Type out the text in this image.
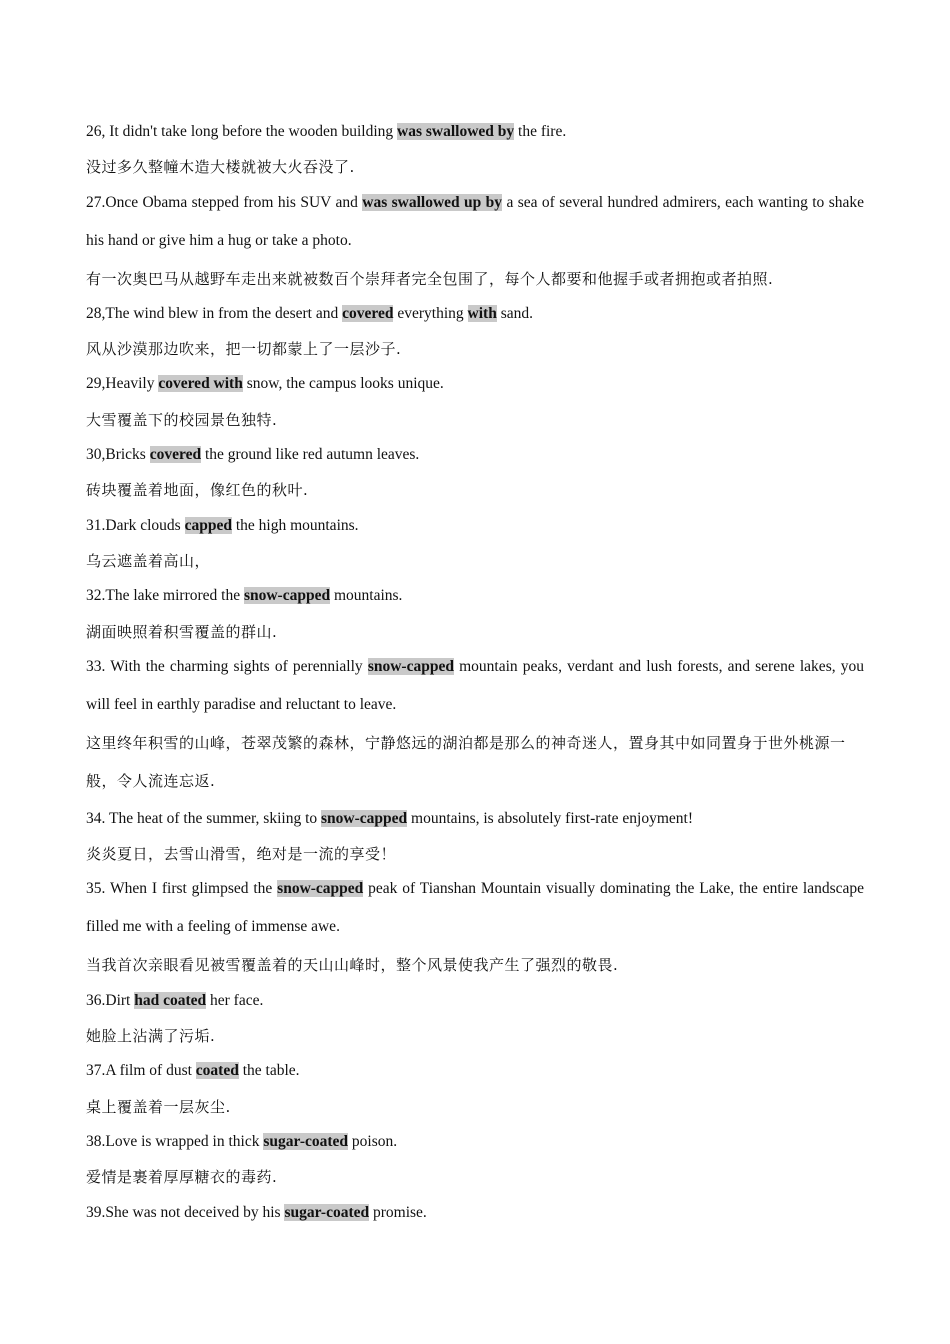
26, It didn't take long before the wooden building was swallowed by the fire.

没过多久整幢木造大楼就被大火吞没了.

27.Once Obama stepped from his SUV and was swallowed up by a sea of several hundred admirers, each wanting to shake his hand or give him a hug or take a photo.

有一次奥巴马从越野车走出来就被数百个崇拜者完全包围了，每个人都要和他握手或者拥抱或者拍照.

28,The wind blew in from the desert and covered everything with sand.

风从沙漠那边吹来，把一切都蒙上了一层沙子.

29,Heavily covered with snow, the campus looks unique.

大雪覆盖下的校园景色独特.

30,Bricks covered the ground like red autumn leaves.

砖块覆盖着地面，像红色的秋叶.

31.Dark clouds capped the high mountains.

乌云遮盖着高山，

32.The lake mirrored the snow-capped mountains.

湖面映照着积雪覆盖的群山.

33. With the charming sights of perennially snow-capped mountain peaks, verdant and lush forests, and serene lakes, you will feel in earthly paradise and reluctant to leave.

这里终年积雪的山峰，苍翠茂繁的森林，宁静悠远的湖泊都是那么的神奇迷人，置身其中如同置身于世外桃源一般，令人流连忘返.

34. The heat of the summer, skiing to snow-capped mountains, is absolutely first-rate enjoyment!

炎炎夏日，去雪山滑雪，绝对是一流的享受！

35. When I first glimpsed the snow-capped peak of Tianshan Mountain visually dominating the Lake, the entire landscape filled me with a feeling of immense awe.

当我首次亲眼看见被雪覆盖着的天山山峰时，整个风景使我产生了强烈的敬畏.

36.Dirt had coated her face.

她脸上沾满了污垢.

37.A film of dust coated the table.

桌上覆盖着一层灰尘.

38.Love is wrapped in thick sugar-coated poison.

爱情是裹着厚厚糖衣的毒药.

39.She was not deceived by his sugar-coated promise.
